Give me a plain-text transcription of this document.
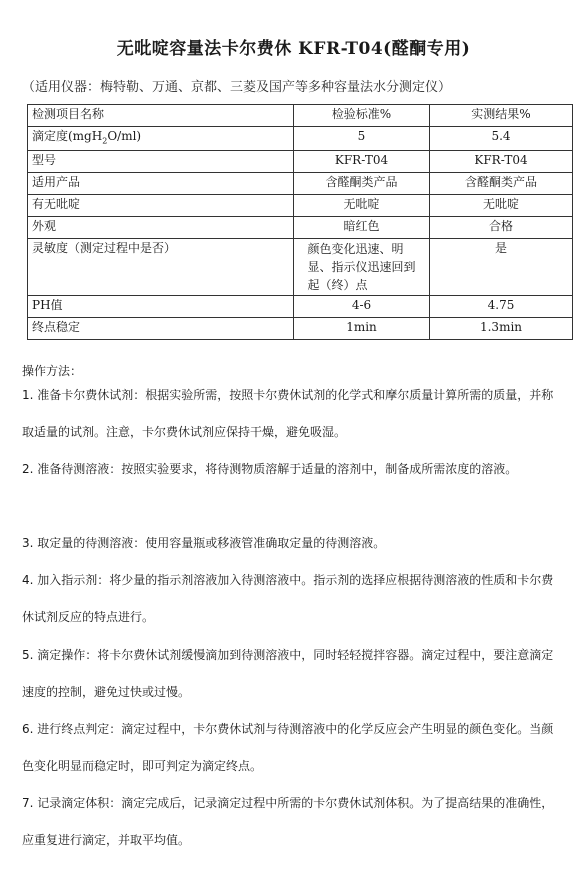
无吡啶容量法卡尔费休 KFR-T04(醛酮专用)
（适用仪器：梅特勒、万通、京都、三菱及国产等多种容量法水分测定仪）
检测项目名称	检验标准%	实测结果%
滴定度(mgH$_2$O/ml)	5	5.4
型号	KFR-T04	KFR-T04
适用产品	含醛酮类产品	含醛酮类产品
有无吡啶	无吡啶	无吡啶
外观	暗红色	合格
灵敏度（测定过程中是否）	颜色变化迅速、明显、指示仪迅速回到起（终）点	是
PH值	4-6	4.75
终点稳定	1min	1.3min
操作方法：
1. 准备卡尔费休试剂：根据实验所需，按照卡尔费休试剂的化学式和摩尔质量计算所需的质量，并称取适量的试剂。注意，卡尔费休试剂应保持干燥，避免吸湿。
2. 准备待测溶液：按照实验要求，将待测物质溶解于适量的溶剂中，制备成所需浓度的溶液。
3. 取定量的待测溶液：使用容量瓶或移液管准确取定量的待测溶液。
4. 加入指示剂：将少量的指示剂溶液加入待测溶液中。指示剂的选择应根据待测溶液的性质和卡尔费休试剂反应的特点进行。
5. 滴定操作：将卡尔费休试剂缓慢滴加到待测溶液中，同时轻轻搅拌容器。滴定过程中，要注意滴定速度的控制，避免过快或过慢。
6. 进行终点判定：滴定过程中，卡尔费休试剂与待测溶液中的化学反应会产生明显的颜色变化。当颜色变化明显而稳定时，即可判定为滴定终点。
7. 记录滴定体积：滴定完成后，记录滴定过程中所需的卡尔费休试剂体积。为了提高结果的准确性，应重复进行滴定，并取平均值。
